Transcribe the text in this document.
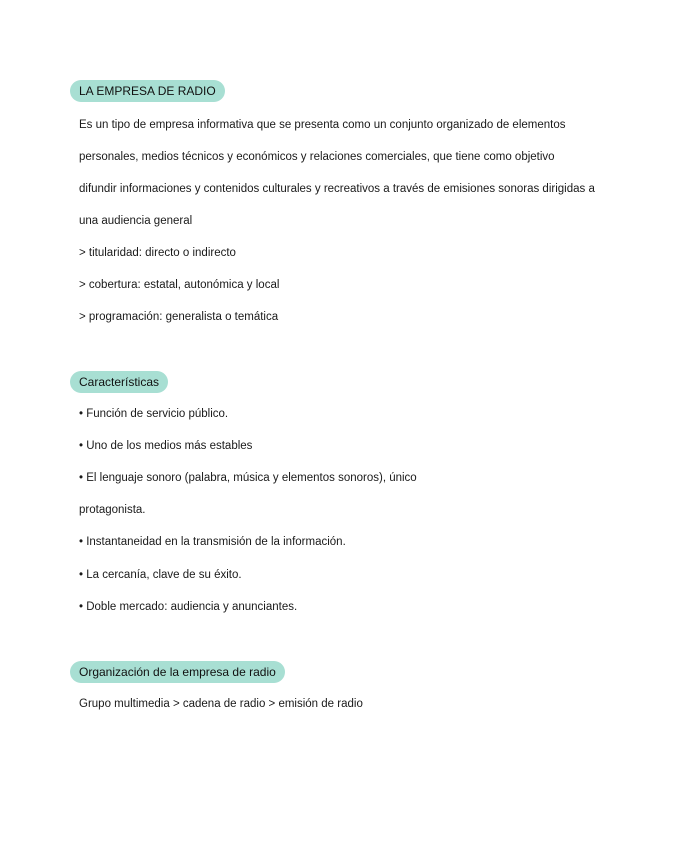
LA EMPRESA DE RADIO
Es un tipo de empresa informativa que se presenta como un conjunto organizado de elementos
personales, medios técnicos y económicos y relaciones comerciales, que tiene como objetivo
difundir informaciones y contenidos culturales y recreativos a través de emisiones sonoras dirigidas a
una audiencia general
> titularidad: directo o indirecto
> cobertura: estatal, autonómica y local
> programación: generalista o temática
Características
• Función de servicio público.
• Uno de los medios más estables
• El lenguaje sonoro (palabra, música y elementos sonoros), único
protagonista.
• Instantaneidad en la transmisión de la información.
• La cercanía, clave de su éxito.
• Doble mercado: audiencia y anunciantes.
Organización de la empresa de radio
Grupo multimedia > cadena de radio > emisión de radio
